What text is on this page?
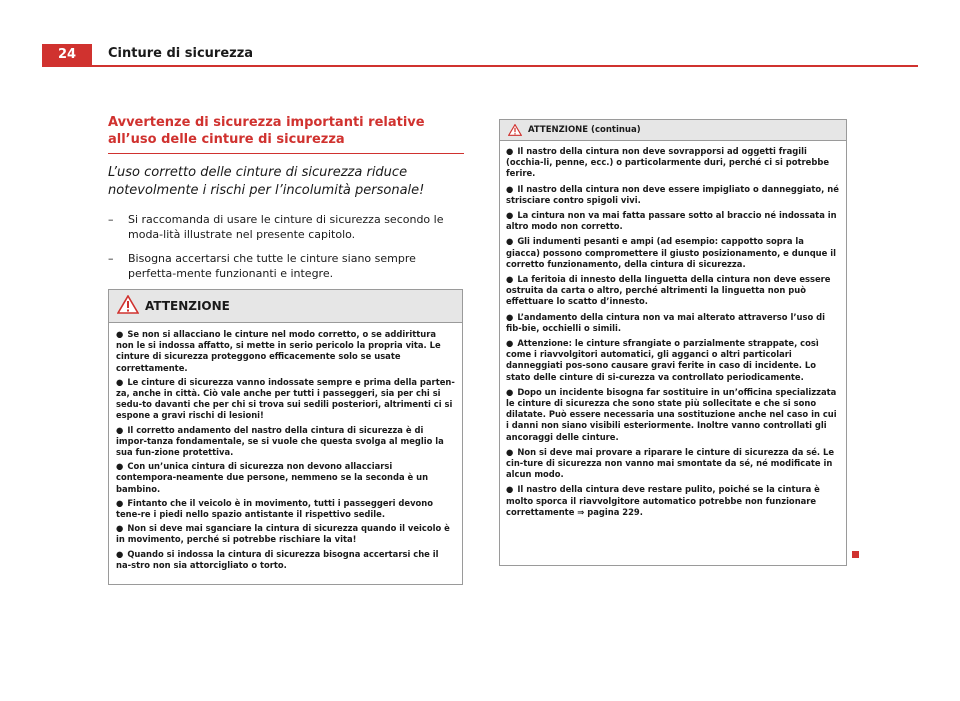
24	Cinture di sicurezza
Avvertenze di sicurezza importanti relative all’uso delle cinture di sicurezza

L’uso corretto delle cinture di sicurezza riduce notevolmente i rischi per l’incolumità personale!

– Si raccomanda di usare le cinture di sicurezza secondo le moda-lità illustrate nel presente capitolo.
– Bisogna accertarsi che tutte le cinture siano sempre perfetta-mente funzionanti e integre.
ATTENZIONE

● Se non si allacciano le cinture nel modo corretto, o se addirittura non le si indossa affatto, si mette in serio pericolo la propria vita. Le cinture di sicurezza proteggono efficacemente solo se usate correttamente.

● Le cinture di sicurezza vanno indossate sempre e prima della parten-za, anche in città. Ciò vale anche per tutti i passeggeri, sia per chi si sedu-to davanti che per chi si trova sui sedili posteriori, altrimenti ci si espone a gravi rischi di lesioni!

● Il corretto andamento del nastro della cintura di sicurezza è di impor-tanza fondamentale, se si vuole che questa svolga al meglio la sua fun-zione protettiva.

● Con un’unica cintura di sicurezza non devono allacciarsi contempora-neamente due persone, nemmeno se la seconda è un bambino.

● Fintanto che il veicolo è in movimento, tutti i passeggeri devono tene-re i piedi nello spazio antistante il rispettivo sedile.

● Non si deve mai sganciare la cintura di sicurezza quando il veicolo è in movimento, perché si potrebbe rischiare la vita!

● Quando si indossa la cintura di sicurezza bisogna accertarsi che il na-stro non sia attorcigliato o torto.

ATTENZIONE (continua)

● Il nastro della cintura non deve sovrapporsi ad oggetti fragili (occhia-li, penne, ecc.) o particolarmente duri, perché ci si potrebbe ferire.

● Il nastro della cintura non deve essere impigliato o danneggiato, né strisciare contro spigoli vivi.

● La cintura non va mai fatta passare sotto al braccio né indossata in altro modo non corretto.

● Gli indumenti pesanti e ampi (ad esempio: cappotto sopra la giacca) possono compromettere il giusto posizionamento, e dunque il corretto funzionamento, della cintura di sicurezza.

● La feritoia di innesto della linguetta della cintura non deve essere ostruita da carta o altro, perché altrimenti la linguetta non può effettuare lo scatto d’innesto.

● L’andamento della cintura non va mai alterato attraverso l’uso di fib-bie, occhielli o simili.

● Attenzione: le cinture sfrangiate o parzialmente strappate, così come i riavvolgitori automatici, gli agganci o altri particolari danneggiati pos-sono causare gravi ferite in caso di incidente. Lo stato delle cinture di si-curezza va controllato periodicamente.

● Dopo un incidente bisogna far sostituire in un’officina specializzata le cinture di sicurezza che sono state più sollecitate e che si sono dilatate. Può essere necessaria una sostituzione anche nel caso in cui i danni non siano visibili esteriormente. Inoltre vanno controllati gli ancoraggi delle cinture.

● Non si deve mai provare a riparare le cinture di sicurezza da sé. Le cin-ture di sicurezza non vanno mai smontate da sé, né modificate in alcun modo.

● Il nastro della cintura deve restare pulito, poiché se la cintura è molto sporca il riavvolgitore automatico potrebbe non funzionare correttamente ⇒ pagina 229.
